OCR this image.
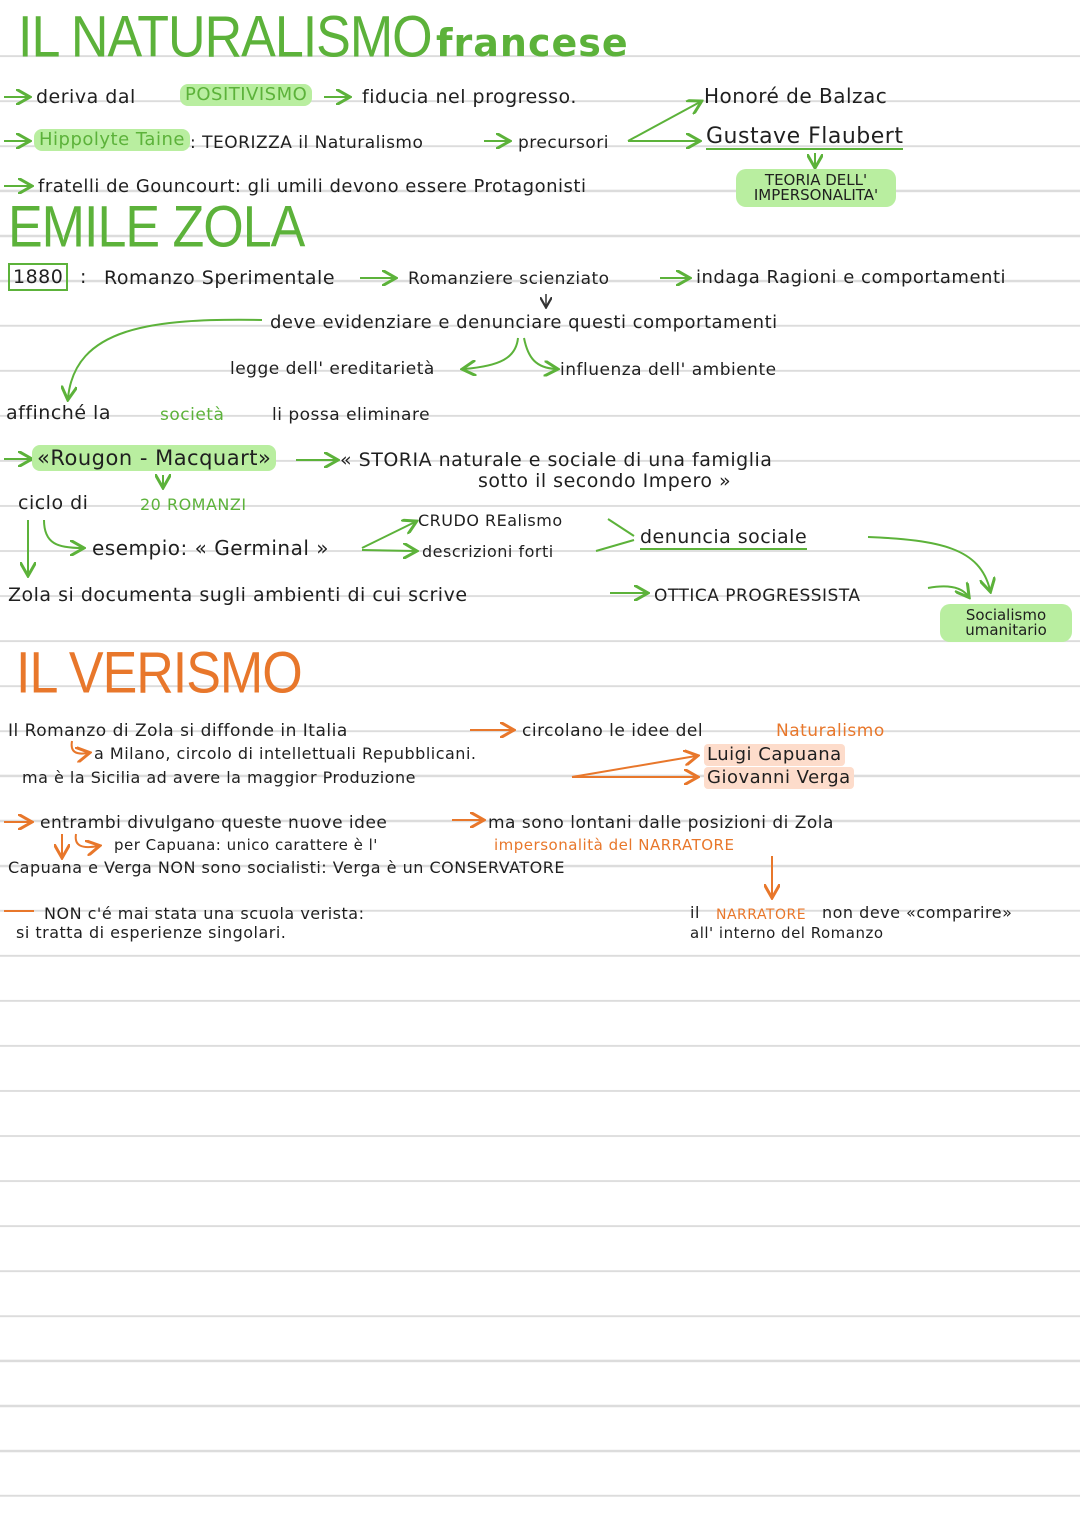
IL NATURALISMO francese
deriva dal	POSITIVISMO	fiducia nel progresso.	Honoré de Balzac
Hippolyte Taine : TEORIZZA il Naturalismo	precursori	Gustave Flaubert
TEORIA DELL' IMPERSONALITA'
fratelli de Gouncourt: gli umili devono essere Protagonisti
EMILE ZOLA
1880 : Romanzo Sperimentale	Romanziere scienziato	indaga Ragioni e comportamenti
deve evidenziare e denunciare questi comportamenti
legge dell' ereditarietà	influenza dell' ambiente
affinché la	società	li possa eliminare
«Rougon - Macquart»	« STORIA naturale e sociale di una famiglia
sotto il secondo Impero »
ciclo di	20 ROMANZI
CRUDO REalismo
esempio: « Germinal »	descrizioni forti
denuncia sociale
Zola si documenta sugli ambienti di cui scrive	OTTICA PROGRESSISTA
Socialismo umanitario
IL VERISMO
Il Romanzo di Zola si diffonde in Italia	circolano le idee del	Naturalismo
a Milano, circolo di intellettuali Repubblicani.
ma è la Sicilia ad avere la maggior Produzione
Luigi Capuana
Giovanni Verga
entrambi divulgano queste nuove idee	ma sono lontani dalle posizioni di Zola
per Capuana: unico carattere è l'	impersonalità del NARRATORE
Capuana e Verga NON sono socialisti: Verga è un CONSERVATORE
NON c'é mai stata una scuola verista:
si tratta di esperienze singolari.
il NARRATORE non deve «comparire»
all' interno del Romanzo
